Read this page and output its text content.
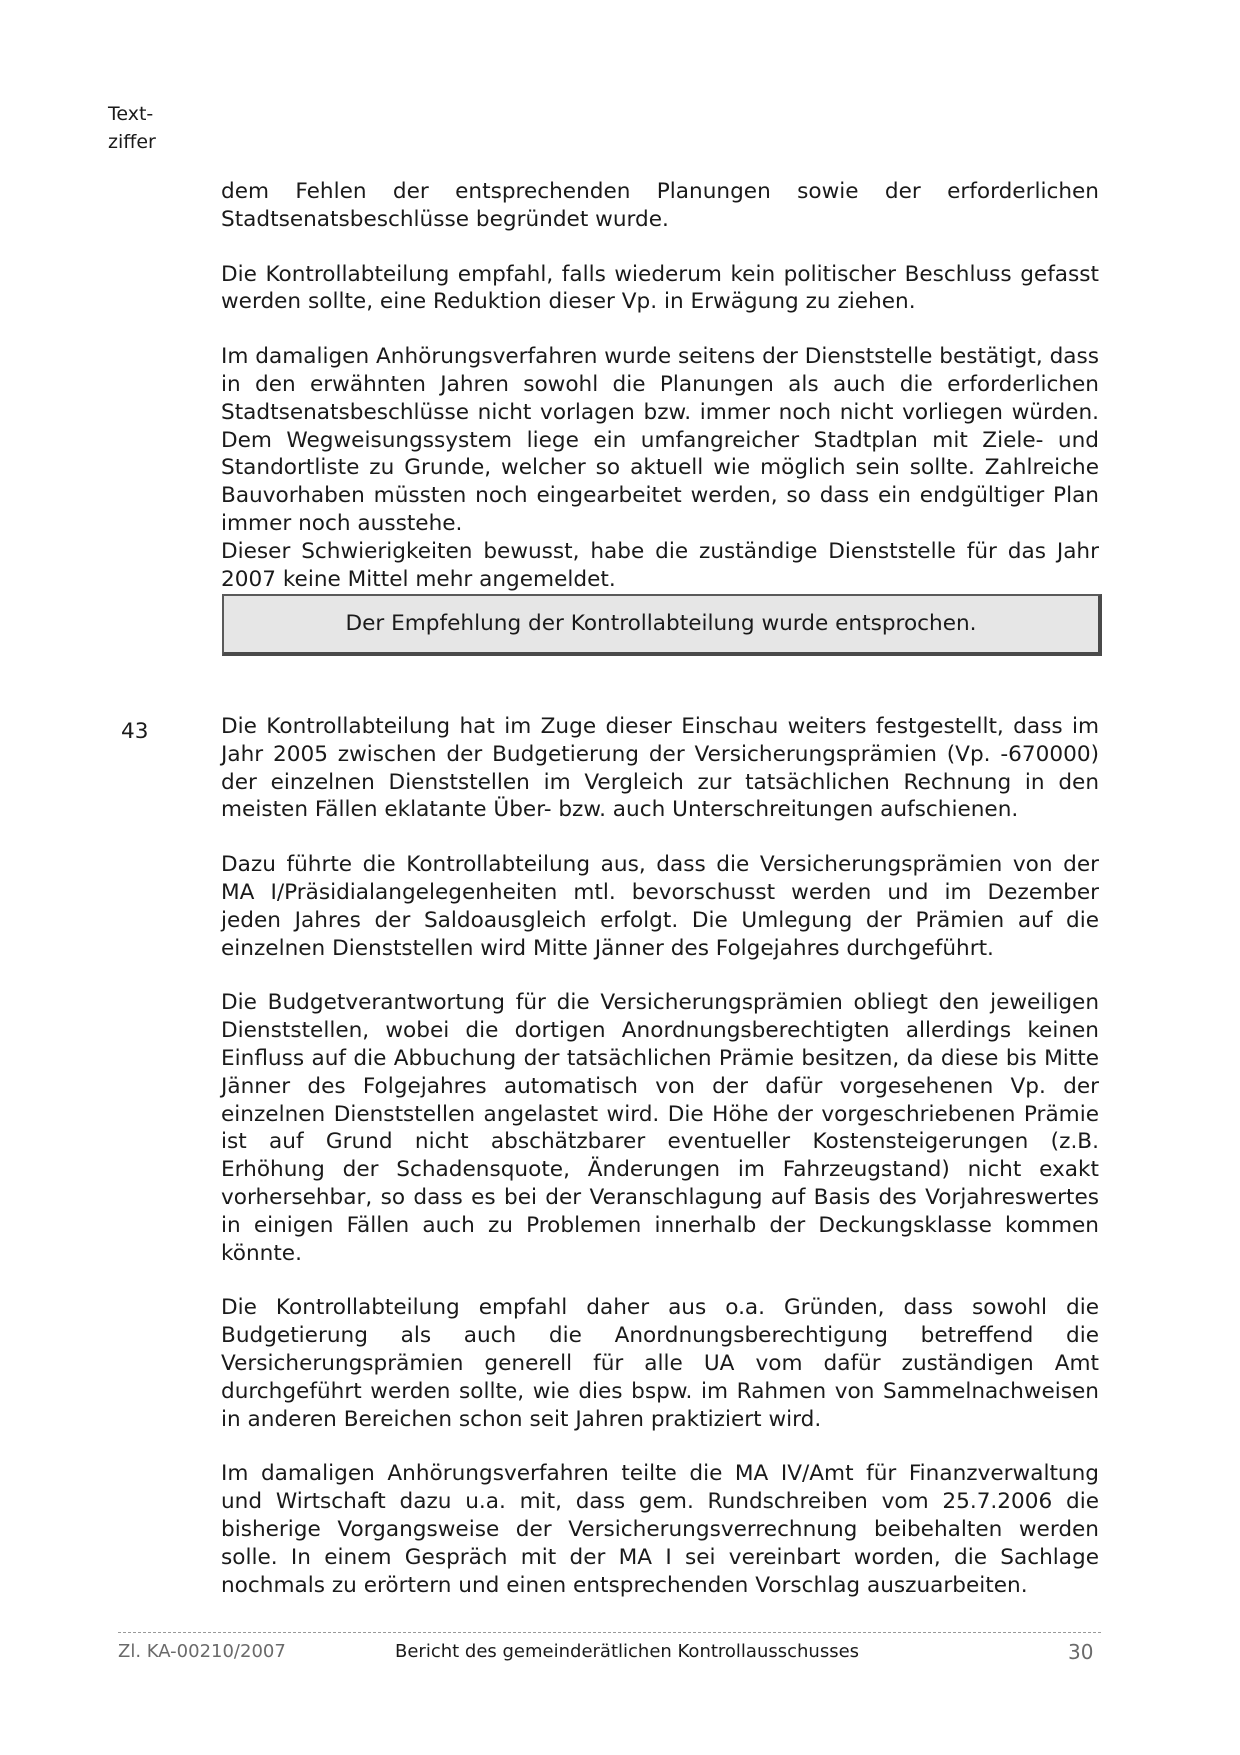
Text-
ziffer

dem Fehlen der entsprechenden Planungen sowie der erforderlichen Stadtsenatsbeschlüsse begründet wurde.

Die Kontrollabteilung empfahl, falls wiederum kein politischer Beschluss gefasst werden sollte, eine Reduktion dieser Vp. in Erwägung zu ziehen.

Im damaligen Anhörungsverfahren wurde seitens der Dienststelle bestätigt, dass in den erwähnten Jahren sowohl die Planungen als auch die erforderlichen Stadtsenatsbeschlüsse nicht vorlagen bzw. immer noch nicht vorliegen würden. Dem Wegweisungssystem liege ein umfangreicher Stadtplan mit Ziele- und Standortliste zu Grunde, welcher so aktuell wie möglich sein sollte. Zahlreiche Bauvorhaben müssten noch eingearbeitet werden, so dass ein endgültiger Plan immer noch ausstehe.

Dieser Schwierigkeiten bewusst, habe die zuständige Dienststelle für das Jahr 2007 keine Mittel mehr angemeldet.

Der Empfehlung der Kontrollabteilung wurde entsprochen.
43	Die Kontrollabteilung hat im Zuge dieser Einschau weiters festgestellt, dass im Jahr 2005 zwischen der Budgetierung der Versicherungsprämien (Vp. -670000) der einzelnen Dienststellen im Vergleich zur tatsächlichen Rechnung in den meisten Fällen eklatante Über- bzw. auch Unterschreitungen aufschienen.

Dazu führte die Kontrollabteilung aus, dass die Versicherungsprämien von der MA I/Präsidialangelegenheiten mtl. bevorschusst werden und im Dezember jeden Jahres der Saldoausgleich erfolgt. Die Umlegung der Prämien auf die einzelnen Dienststellen wird Mitte Jänner des Folgejahres durchgeführt.

Die Budgetverantwortung für die Versicherungsprämien obliegt den jeweiligen Dienststellen, wobei die dortigen Anordnungsberechtigten allerdings keinen Einfluss auf die Abbuchung der tatsächlichen Prämie besitzen, da diese bis Mitte Jänner des Folgejahres automatisch von der dafür vorgesehenen Vp. der einzelnen Dienststellen angelastet wird. Die Höhe der vorgeschriebenen Prämie ist auf Grund nicht abschätzbarer eventueller Kostensteigerungen (z.B. Erhöhung der Schadensquote, Änderungen im Fahrzeugstand) nicht exakt vorhersehbar, so dass es bei der Veranschlagung auf Basis des Vorjahreswertes in einigen Fällen auch zu Problemen innerhalb der Deckungsklasse kommen könnte.

Die Kontrollabteilung empfahl daher aus o.a. Gründen, dass sowohl die Budgetierung als auch die Anordnungsberechtigung betreffend die Versicherungsprämien generell für alle UA vom dafür zuständigen Amt durchgeführt werden sollte, wie dies bspw. im Rahmen von Sammelnachweisen in anderen Bereichen schon seit Jahren praktiziert wird.

Im damaligen Anhörungsverfahren teilte die MA IV/Amt für Finanzverwaltung und Wirtschaft dazu u.a. mit, dass gem. Rundschreiben vom 25.7.2006 die bisherige Vorgangsweise der Versicherungsverrechnung beibehalten werden solle. In einem Gespräch mit der MA I sei vereinbart worden, die Sachlage nochmals zu erörtern und einen entsprechenden Vorschlag auszuarbeiten.

Zl. KA-00210/2007	Bericht des gemeinderätlichen Kontrollausschusses	30
